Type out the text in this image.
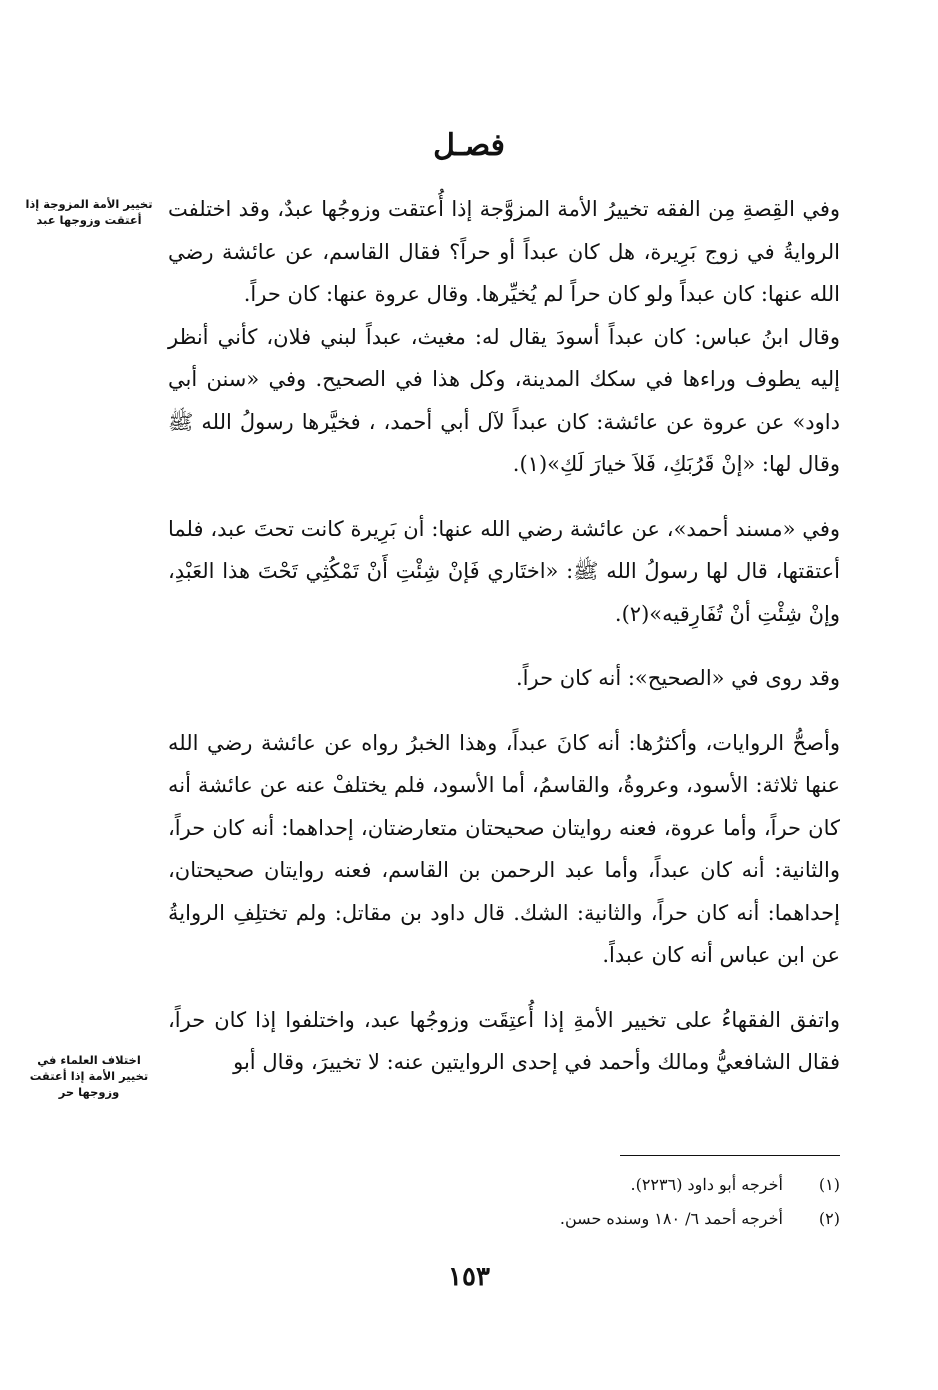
فصـل
تخيير الأمة المزوجة إذا أعتقت وزوجها عبد
اختلاف العلماء في تخيير الأمة إذا أعتقت وزوجها حر

وفي القِصةِ مِن الفقه تخييرُ الأمة المزوَّجة إذا أُعتقت وزوجُها عبدٌ، وقد اختلفت الروايةُ في زوج بَرِيرة، هل كان عبداً أو حراً؟ فقال القاسم، عن عائشة رضي الله عنها: كان عبداً ولو كان حراً لم يُخيِّرها. وقال عروة عنها: كان حراً.

وقال ابنُ عباس: كان عبداً أسودَ يقال له: مغيث، عبداً لبني فلان، كأني أنظر إليه يطوف وراءها في سكك المدينة، وكل هذا في الصحيح. وفي «سنن أبي داود» عن عروة عن عائشة: كان عبداً لآل أبي أحمد، ، فخيَّرها رسولُ الله ﷺ وقال لها: «إنْ قَرُبَكِ، فَلاَ خيارَ لَكِ»(١).

وفي «مسند أحمد»، عن عائشة رضي الله عنها: أن بَرِيرة كانت تحتَ عبد، فلما أعتقتها، قال لها رسولُ الله ﷺ: «اختَاري فَإنْ شِئْتِ أَنْ تَمْكُثِي تَحْتَ هذا العَبْدِ، وإنْ شِئْتِ أنْ تُفَارِقيه»(٢).

وقد روى في «الصحيح»: أنه كان حراً.

وأصحُّ الروايات، وأكثرُها: أنه كانَ عبداً، وهذا الخبرُ رواه عن عائشة رضي الله عنها ثلاثة: الأسود، وعروةُ، والقاسمُ، أما الأسود، فلم يختلفْ عنه عن عائشة أنه كان حراً، وأما عروة، فعنه روايتان صحيحتان متعارضتان، إحداهما: أنه كان حراً، والثانية: أنه كان عبداً، وأما عبد الرحمن بن القاسم، فعنه روايتان صحيحتان، إحداهما: أنه كان حراً، والثانية: الشك. قال داود بن مقاتل: ولم تختلِفِ الروايةُ عن ابن عباس أنه كان عبداً.

واتفق الفقهاءُ على تخيير الأمةِ إذا أُعتِقَت وزوجُها عبد، واختلفوا إذا كان حراً، فقال الشافعيُّ ومالك وأحمد في إحدى الروايتين عنه: لا تخييرَ، وقال أبو

(١) أخرجه أبو داود (٢٢٣٦).
(٢) أخرجه أحمد ٦/ ١٨٠ وسنده حسن.
١٥٣
